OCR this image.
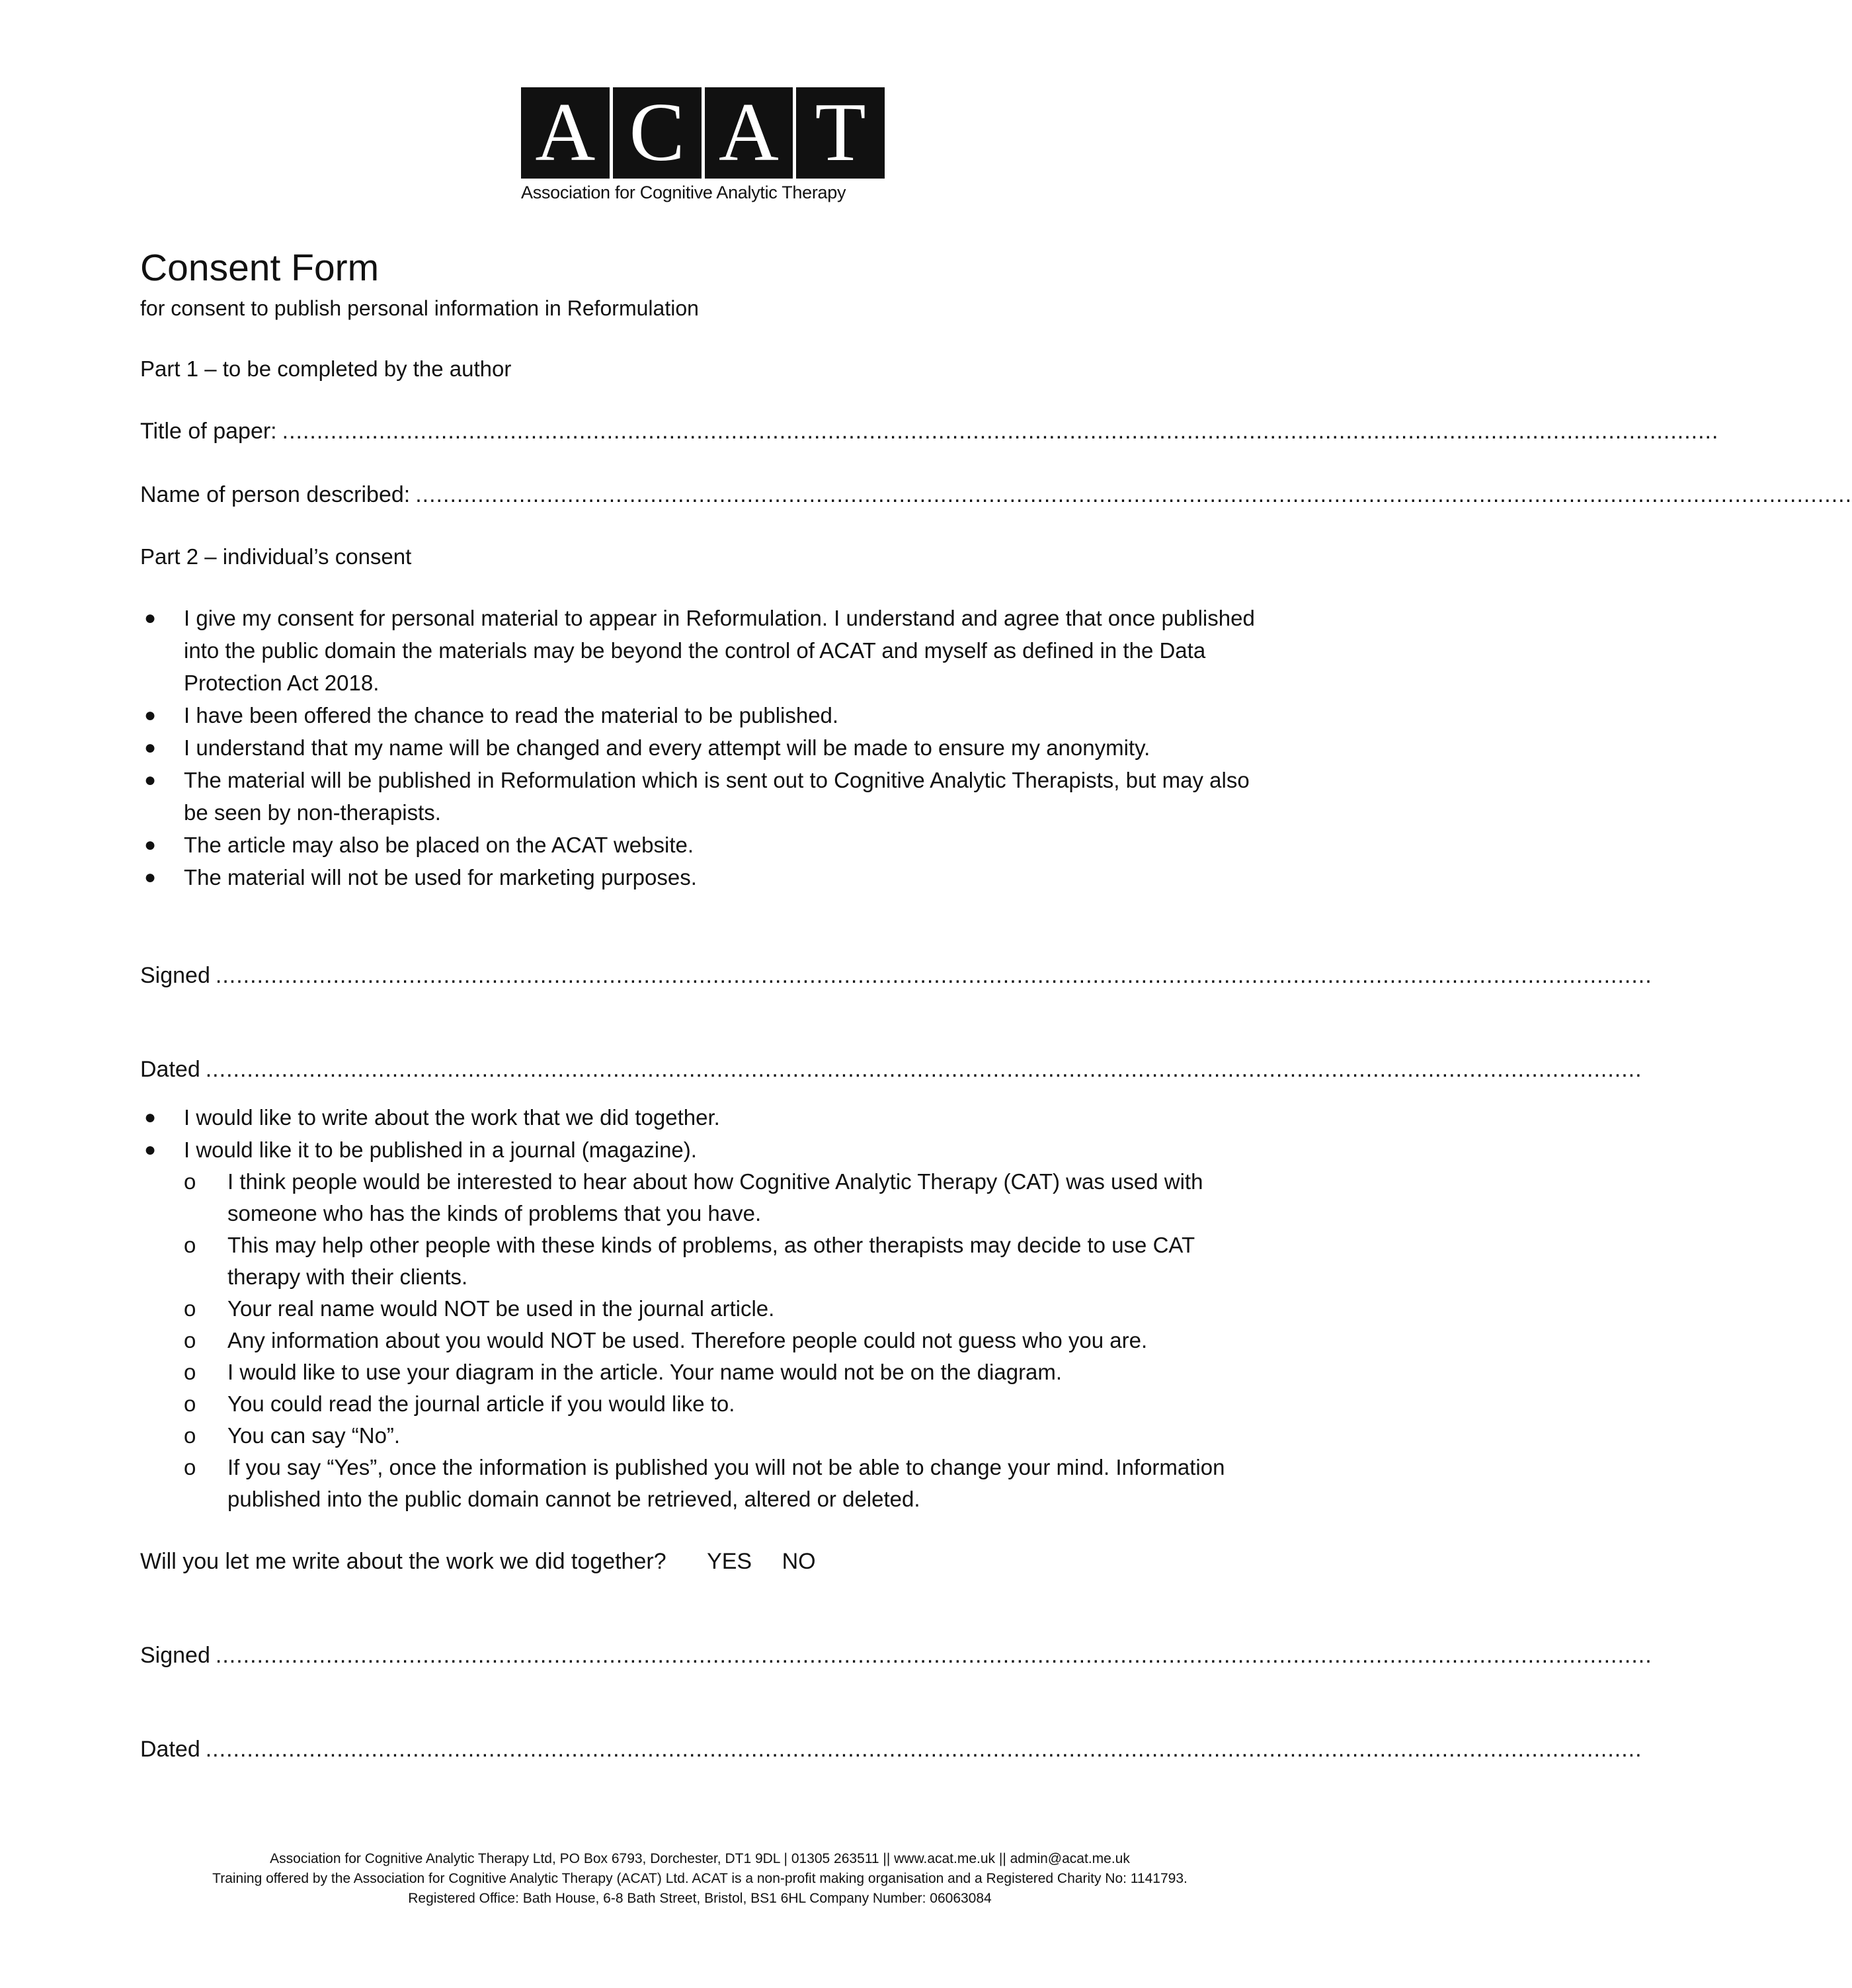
A C A T
Association for Cognitive Analytic Therapy
Consent Form
for consent to publish personal information in Reformulation
Part 1 – to be completed by the author
Title of paper: ................................................................................................................................................................................................................
Name of person described: ................................................................................................................................................................................................................
Part 2 – individual’s consent
●	I give my consent for personal material to appear in Reformulation. I understand and agree that once published into the public domain the materials may be beyond the control of ACAT and myself as defined in the Data Protection Act 2018.
●	I have been offered the chance to read the material to be published.
●	I understand that my name will be changed and every attempt will be made to ensure my anonymity.
●	The material will be published in Reformulation which is sent out to Cognitive Analytic Therapists, but may also be seen by non-therapists.
●	The article may also be placed on the ACAT website.
●	The material will not be used for marketing purposes.
Signed ................................................................................................................................................................................................................
Dated ................................................................................................................................................................................................................
●	I would like to write about the work that we did together.
●	I would like it to be published in a journal (magazine).
o I think people would be interested to hear about how Cognitive Analytic Therapy (CAT) was used with someone who has the kinds of problems that you have.
o This may help other people with these kinds of problems, as other therapists may decide to use CAT therapy with their clients.
o Your real name would NOT be used in the journal article.
o Any information about you would NOT be used. Therefore people could not guess who you are.
o I would like to use your diagram in the article. Your name would not be on the diagram.
o You could read the journal article if you would like to.
o You can say “No”.
o If you say “Yes”, once the information is published you will not be able to change your mind. Information published into the public domain cannot be retrieved, altered or deleted.
Will you let me write about the work we did together? YES NO
Signed ................................................................................................................................................................................................................
Dated ................................................................................................................................................................................................................
Association for Cognitive Analytic Therapy Ltd, PO Box 6793, Dorchester, DT1 9DL | 01305 263511 || www.acat.me.uk || admin@acat.me.uk
Training offered by the Association for Cognitive Analytic Therapy (ACAT) Ltd. ACAT is a non-profit making organisation and a Registered Charity No: 1141793.
Registered Office: Bath House, 6-8 Bath Street, Bristol, BS1 6HL Company Number: 06063084
